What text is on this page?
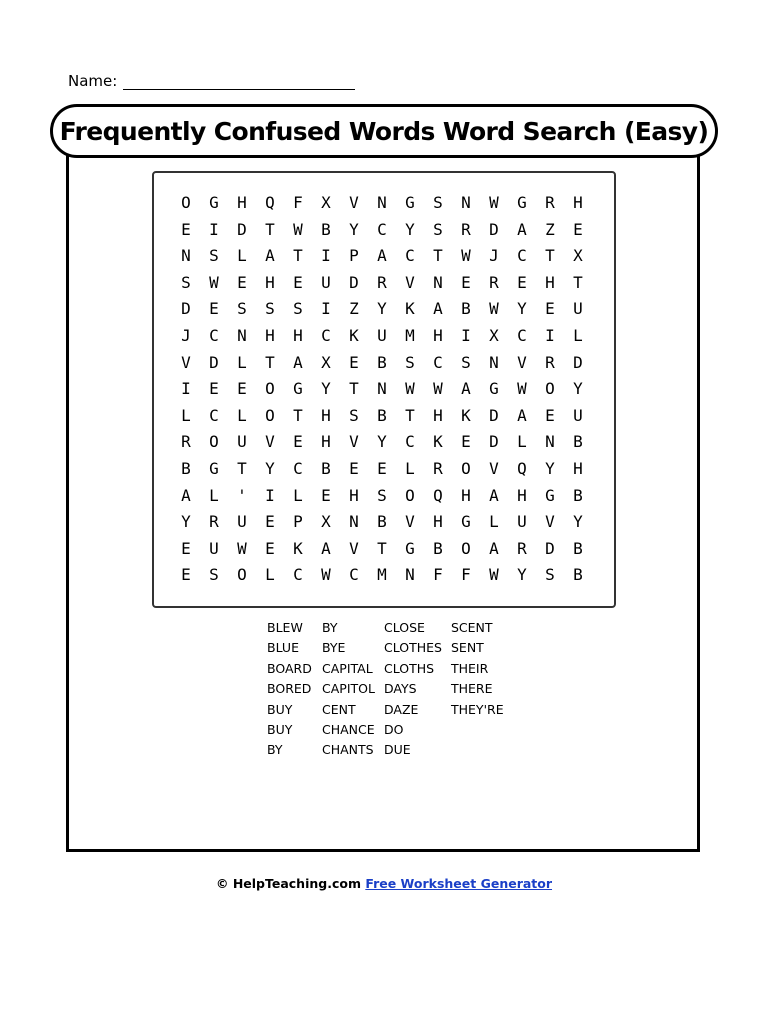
Name:
Frequently Confused Words Word Search (Easy)
O	G	H	Q	F	X	V	N	G	S	N	W	G	R	H
E	I	D	T	W	B	Y	C	Y	S	R	D	A	Z	E
N	S	L	A	T	I	P	A	C	T	W	J	C	T	X
S	W	E	H	E	U	D	R	V	N	E	R	E	H	T
D	E	S	S	S	I	Z	Y	K	A	B	W	Y	E	U
J	C	N	H	H	C	K	U	M	H	I	X	C	I	L
V	D	L	T	A	X	E	B	S	C	S	N	V	R	D
I	E	E	O	G	Y	T	N	W	W	A	G	W	O	Y
L	C	L	O	T	H	S	B	T	H	K	D	A	E	U
R	O	U	V	E	H	V	Y	C	K	E	D	L	N	B
B	G	T	Y	C	B	E	E	L	R	O	V	Q	Y	H
A	L	'	I	L	E	H	S	O	Q	H	A	H	G	B
Y	R	U	E	P	X	N	B	V	H	G	L	U	V	Y
E	U	W	E	K	A	V	T	G	B	O	A	R	D	B
E	S	O	L	C	W	C	M	N	F	F	W	Y	S	B
BLEW
BLUE
BOARD
BORED
BUY
BUY
BY
BY
BYE
CAPITAL
CAPITOL
CENT
CHANCE
CHANTS
CLOSE
CLOTHES
CLOTHS
DAYS
DAZE
DO
DUE
SCENT
SENT
THEIR
THERE
THEY'RE
© HelpTeaching.com Free Worksheet Generator
